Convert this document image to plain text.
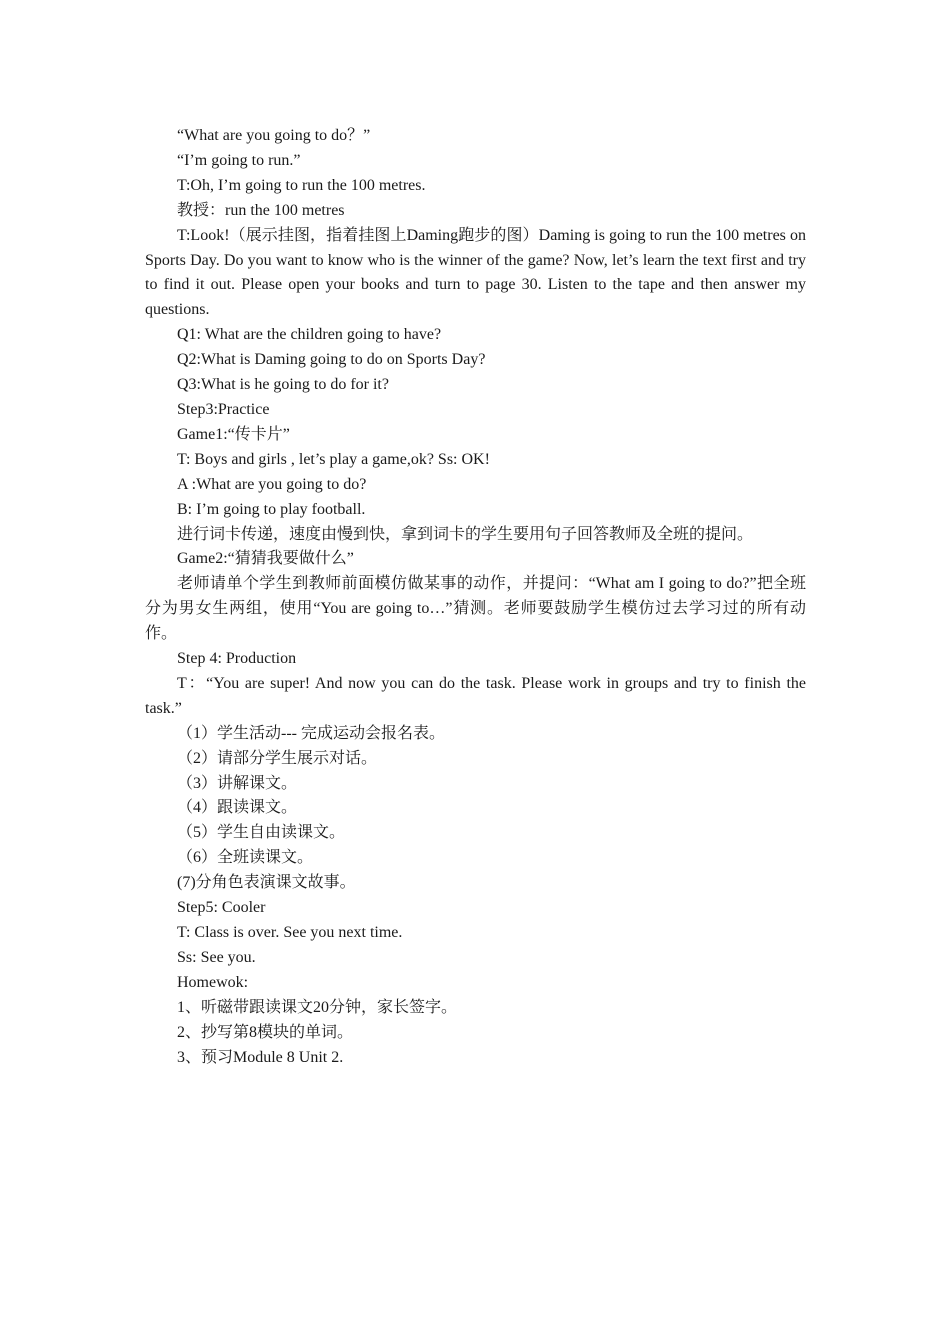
“What are you going to do？”

“I’m going to run.”

T:Oh, I’m going to run the 100 metres.

教授：run the 100 metres

T:Look!（展示挂图，指着挂图上Daming跑步的图）Daming is going to run the 100 metres on Sports Day. Do you want to know who is the winner of the game? Now, let’s learn the text first and try to find it out. Please open your books and turn to page 30. Listen to the tape and then answer my questions.

Q1: What are the children going to have?

Q2:What is Daming going to do on Sports Day?

Q3:What is he going to do for it?

Step3:Practice

Game1:“传卡片”

T: Boys and girls , let’s play a game,ok? Ss: OK!

A :What are you going to do?

B: I’m going to play football.

进行词卡传递，速度由慢到快，拿到词卡的学生要用句子回答教师及全班的提问。

Game2:“猜猜我要做什么”

老师请单个学生到教师前面模仿做某事的动作，并提问：“What am I going to do?”把全班分为男女生两组，使用“You are going to…”猜测。老师要鼓励学生模仿过去学习过的所有动作。

Step 4: Production

T：“You are super! And now you can do the task. Please work in groups and try to finish the task.”

（1）学生活动--- 完成运动会报名表。

（2）请部分学生展示对话。

（3）讲解课文。

（4）跟读课文。

（5）学生自由读课文。

（6）全班读课文。

(7)分角色表演课文故事。

Step5: Cooler

T: Class is over. See you next time.

Ss: See you.

Homewok:

1、听磁带跟读课文20分钟，家长签字。

2、抄写第8模块的单词。

3、预习Module 8 Unit 2.
